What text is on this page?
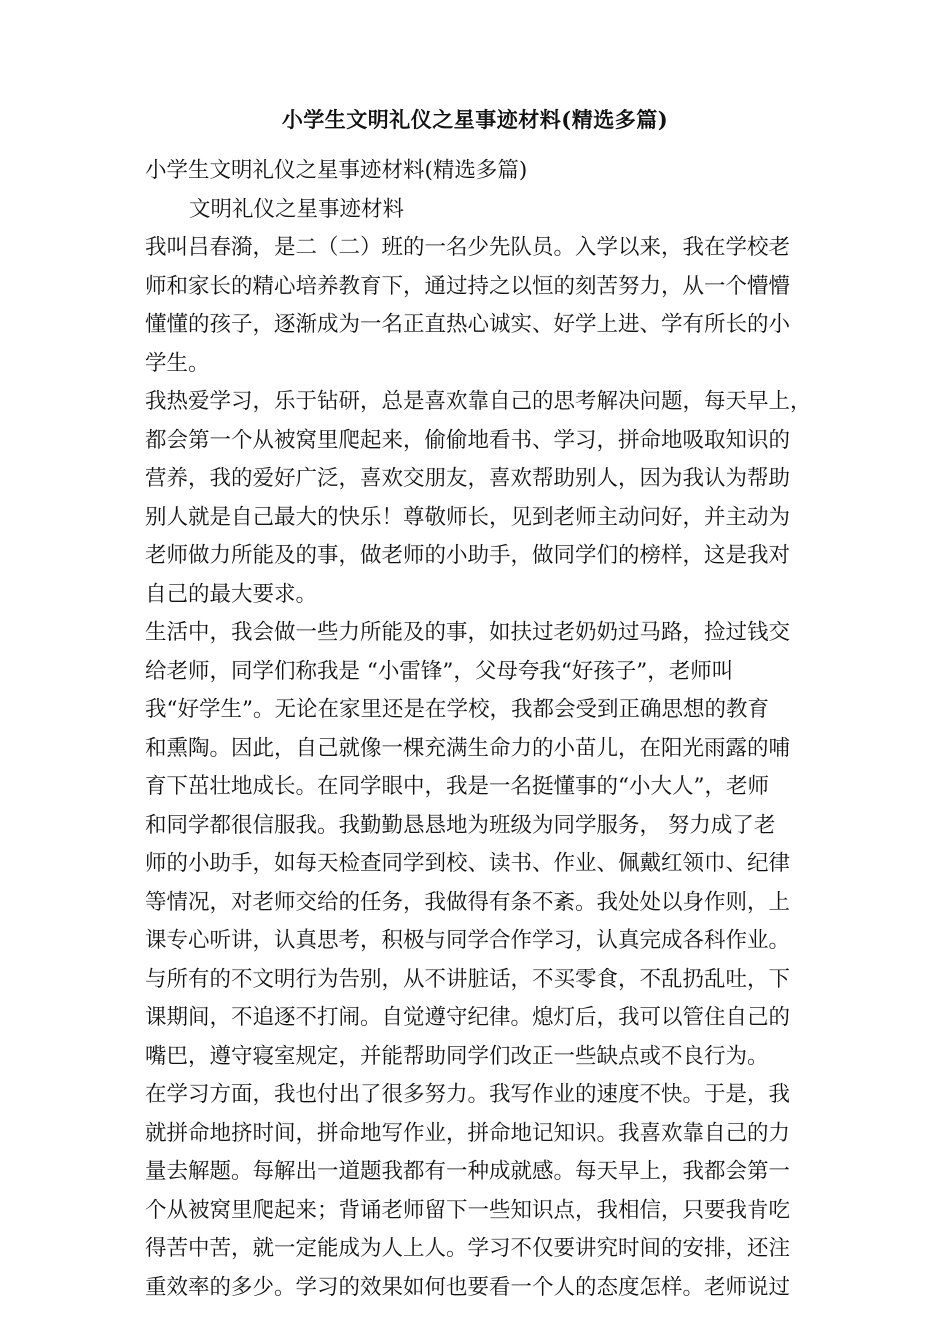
小学生文明礼仪之星事迹材料(精选多篇)
小学生文明礼仪之星事迹材料(精选多篇)
文明礼仪之星事迹材料
我叫吕春漪，是二（二）班的一名少先队员。入学以来，我在学校老
师和家长的精心培养教育下，通过持之以恒的刻苦努力，从一个懵懵
懂懂的孩子，逐渐成为一名正直热心诚实、好学上进、学有所长的小
学生。
我热爱学习，乐于钻研，总是喜欢靠自己的思考解决问题，每天早上，
都会第一个从被窝里爬起来，偷偷地看书、学习，拼命地吸取知识的
营养，我的爱好广泛，喜欢交朋友，喜欢帮助别人，因为我认为帮助
别人就是自己最大的快乐！尊敬师长，见到老师主动问好，并主动为
老师做力所能及的事，做老师的小助手，做同学们的榜样，这是我对
自己的最大要求。
生活中，我会做一些力所能及的事，如扶过老奶奶过马路，捡过钱交
给老师，同学们称我是 “小雷锋”，父母夸我“好孩子”，老师叫
我“好学生”。无论在家里还是在学校，我都会受到正确思想的教育
和熏陶。因此，自己就像一棵充满生命力的小苗儿，在阳光雨露的哺
育下茁壮地成长。在同学眼中，我是一名挺懂事的“小大人”，老师
和同学都很信服我。我勤勤恳恳地为班级为同学服务， 努力成了老
师的小助手，如每天检查同学到校、读书、作业、佩戴红领巾、纪律
等情况，对老师交给的任务，我做得有条不紊。我处处以身作则，上
课专心听讲，认真思考，积极与同学合作学习，认真完成各科作业。
与所有的不文明行为告别，从不讲脏话，不买零食，不乱扔乱吐，下
课期间，不追逐不打闹。自觉遵守纪律。熄灯后，我可以管住自己的
嘴巴，遵守寝室规定，并能帮助同学们改正一些缺点或不良行为。
在学习方面，我也付出了很多努力。我写作业的速度不快。于是，我
就拼命地挤时间，拼命地写作业，拼命地记知识。我喜欢靠自己的力
量去解题。每解出一道题我都有一种成就感。每天早上，我都会第一
个从被窝里爬起来；背诵老师留下一些知识点，我相信，只要我肯吃
得苦中苦，就一定能成为人上人。学习不仅要讲究时间的安排，还注
重效率的多少。学习的效果如何也要看一个人的态度怎样。老师说过
